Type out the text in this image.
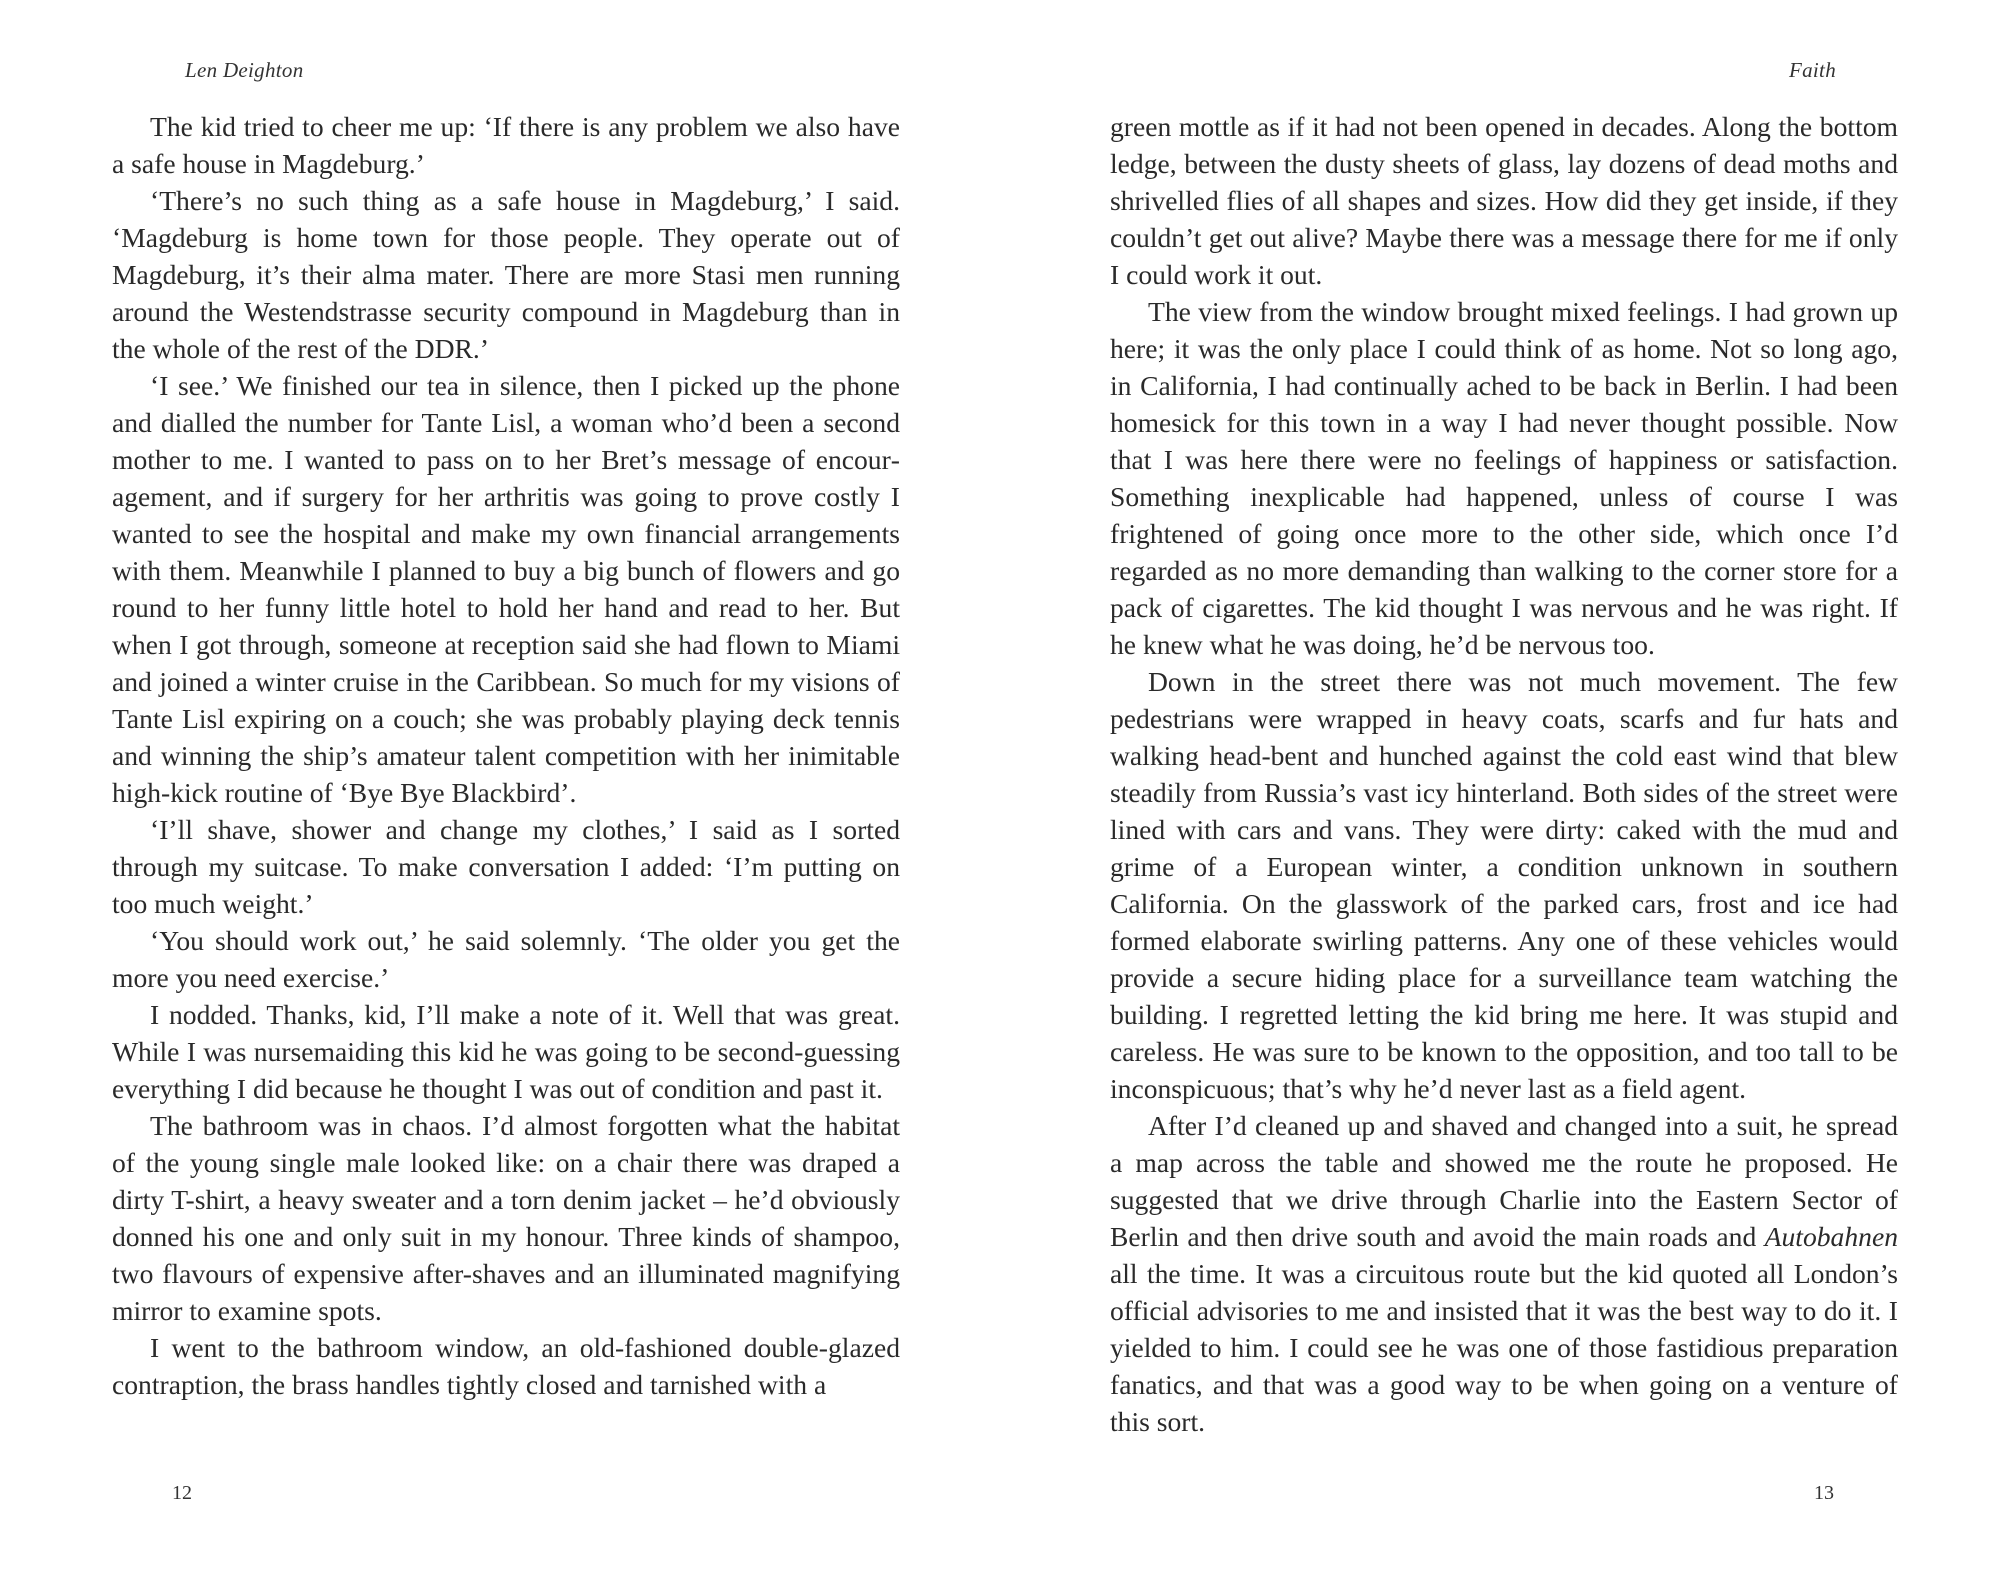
Len Deighton

The kid tried to cheer me up: ‘If there is any problem we also have a safe house in Magdeburg.’

‘There’s no such thing as a safe house in Magdeburg,’ I said. ‘Magdeburg is home town for those people. They operate out of Magdeburg, it’s their alma mater. There are more Stasi men running around the Westendstrasse security compound in Magdeburg than in the whole of the rest of the DDR.’

‘I see.’ We finished our tea in silence, then I picked up the phone and dialled the number for Tante Lisl, a woman who’d been a second mother to me. I wanted to pass on to her Bret’s message of encouragement, and if surgery for her arthritis was going to prove costly I wanted to see the hospital and make my own financial arrangements with them. Meanwhile I planned to buy a big bunch of flowers and go round to her funny little hotel to hold her hand and read to her. But when I got through, someone at reception said she had flown to Miami and joined a winter cruise in the Caribbean. So much for my visions of Tante Lisl expiring on a couch; she was probably playing deck tennis and winning the ship’s amateur talent competition with her inimitable high-kick routine of ‘Bye Bye Blackbird’.

‘I’ll shave, shower and change my clothes,’ I said as I sorted through my suitcase. To make conversation I added: ‘I’m putting on too much weight.’

‘You should work out,’ he said solemnly. ‘The older you get the more you need exercise.’

I nodded. Thanks, kid, I’ll make a note of it. Well that was great. While I was nursemaiding this kid he was going to be second-guessing everything I did because he thought I was out of condition and past it.

The bathroom was in chaos. I’d almost forgotten what the habitat of the young single male looked like: on a chair there was draped a dirty T-shirt, a heavy sweater and a torn denim jacket – he’d obviously donned his one and only suit in my honour. Three kinds of shampoo, two flavours of expensive after-shaves and an illuminated magnifying mirror to examine spots.

I went to the bathroom window, an old-fashioned double-glazed contraption, the brass handles tightly closed and tarnished with a

12
Faith

green mottle as if it had not been opened in decades. Along the bottom ledge, between the dusty sheets of glass, lay dozens of dead moths and shrivelled flies of all shapes and sizes. How did they get inside, if they couldn’t get out alive? Maybe there was a message there for me if only I could work it out.

The view from the window brought mixed feelings. I had grown up here; it was the only place I could think of as home. Not so long ago, in California, I had continually ached to be back in Berlin. I had been homesick for this town in a way I had never thought possible. Now that I was here there were no feelings of happiness or satisfaction. Something inexplicable had happened, unless of course I was frightened of going once more to the other side, which once I’d regarded as no more demanding than walking to the corner store for a pack of cigarettes. The kid thought I was nervous and he was right. If he knew what he was doing, he’d be nervous too.

Down in the street there was not much movement. The few pedestrians were wrapped in heavy coats, scarfs and fur hats and walking head-bent and hunched against the cold east wind that blew steadily from Russia’s vast icy hinterland. Both sides of the street were lined with cars and vans. They were dirty: caked with the mud and grime of a European winter, a condition unknown in southern California. On the glasswork of the parked cars, frost and ice had formed elaborate swirling patterns. Any one of these vehicles would provide a secure hiding place for a surveillance team watching the building. I regretted letting the kid bring me here. It was stupid and careless. He was sure to be known to the opposition, and too tall to be inconspicuous; that’s why he’d never last as a field agent.

After I’d cleaned up and shaved and changed into a suit, he spread a map across the table and showed me the route he proposed. He suggested that we drive through Charlie into the Eastern Sector of Berlin and then drive south and avoid the main roads and Autobahnen all the time. It was a circuitous route but the kid quoted all London’s official advisories to me and insisted that it was the best way to do it. I yielded to him. I could see he was one of those fastidious preparation fanatics, and that was a good way to be when going on a venture of this sort.

13
